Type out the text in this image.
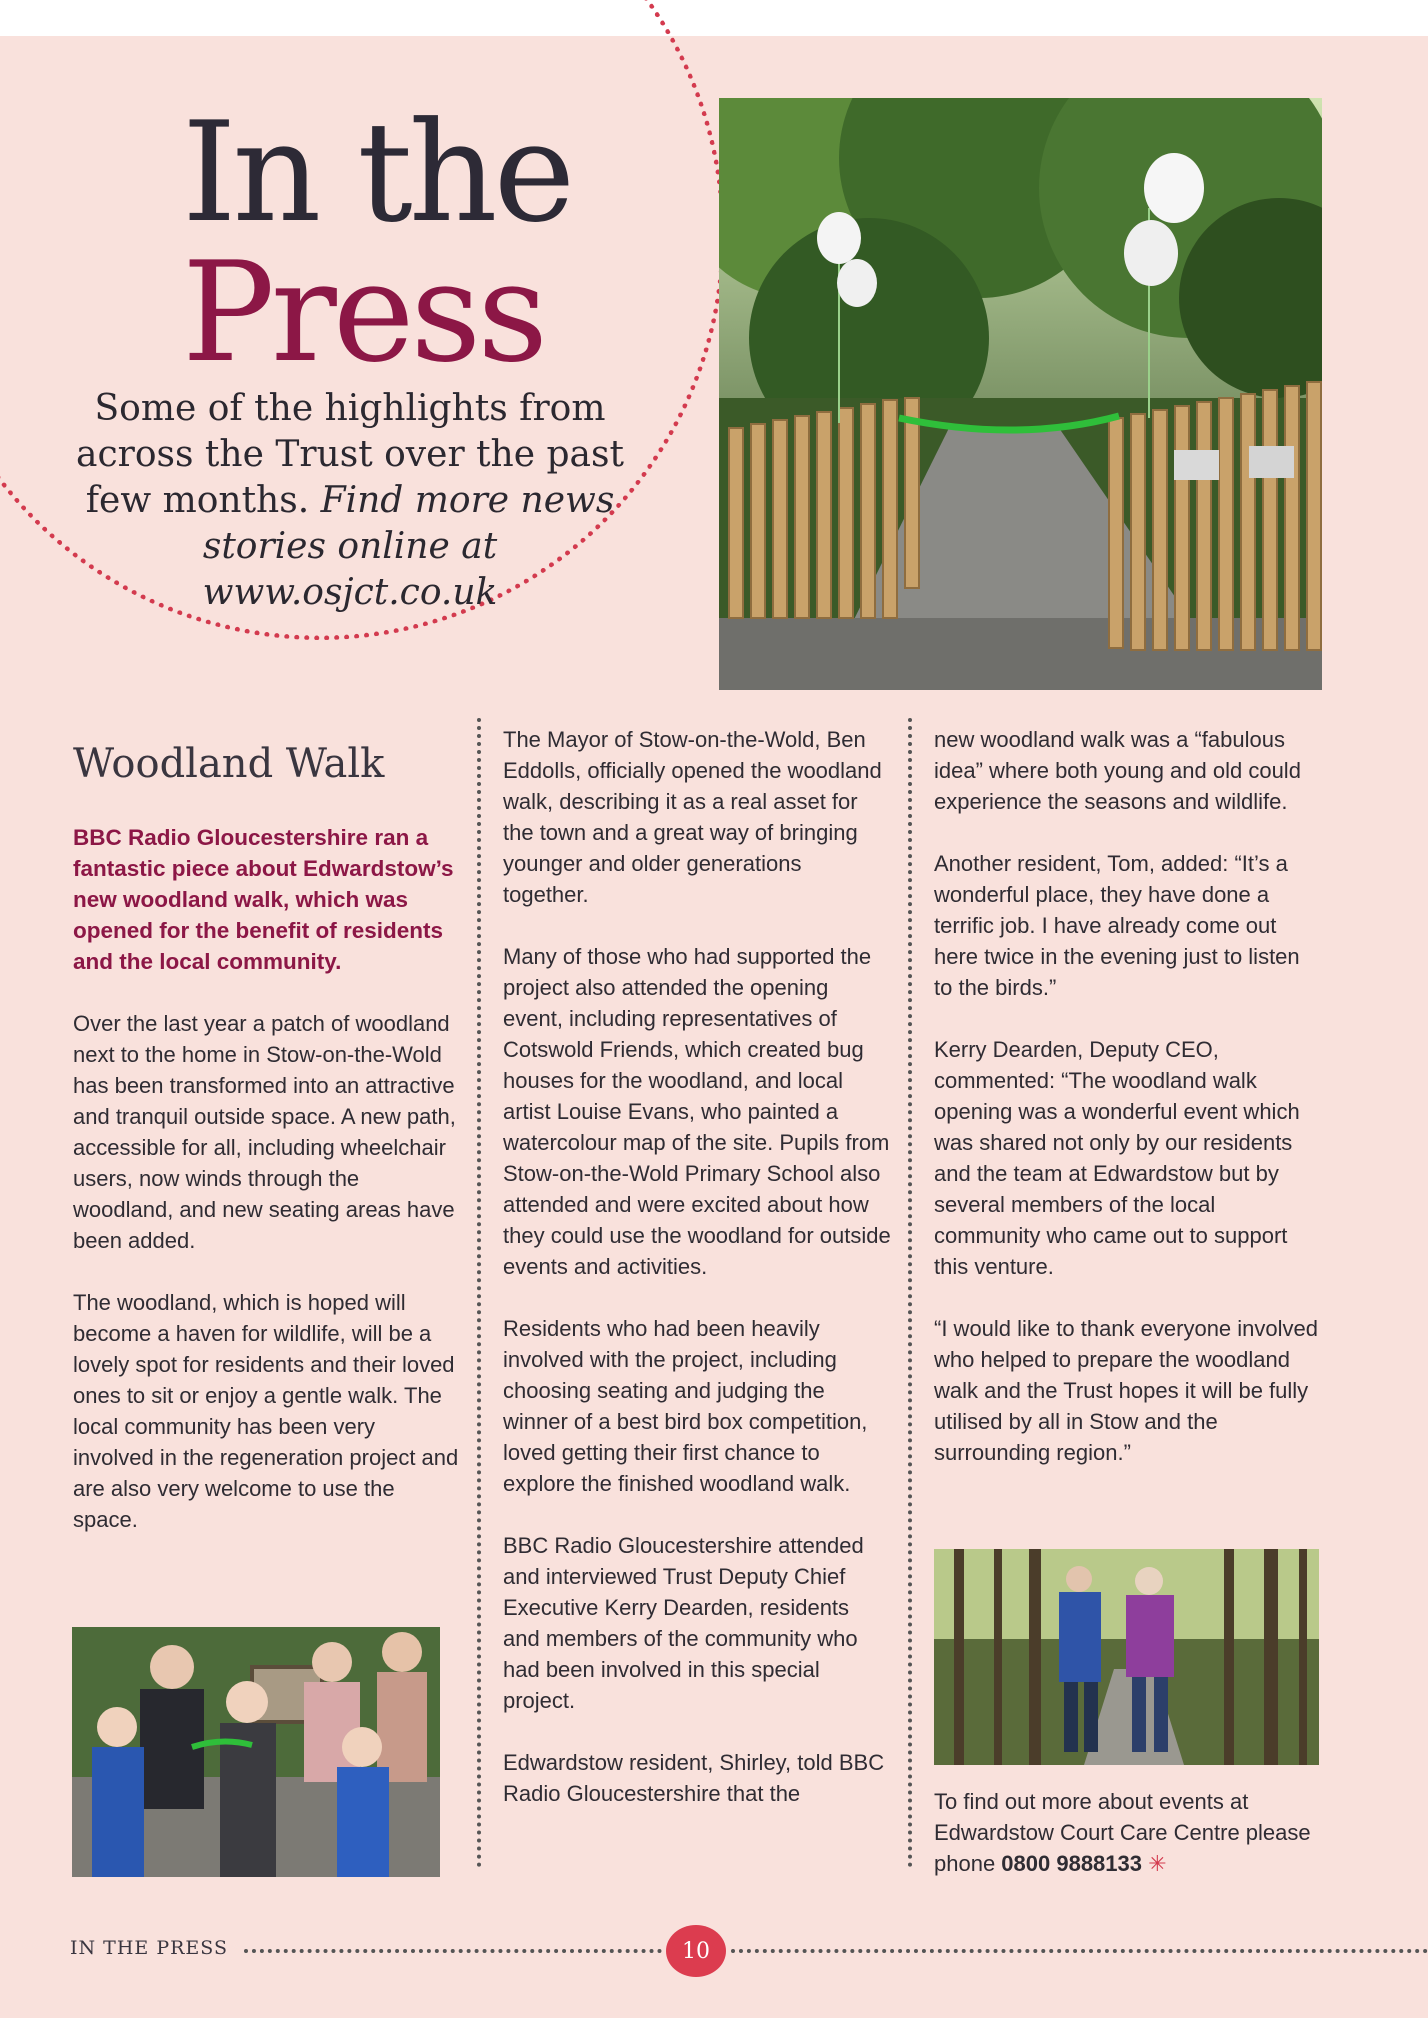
In the
Press
Some of the highlights from across the Trust over the past few months. Find more news stories online at www.osjct.co.uk
Woodland Walk

BBC Radio Gloucestershire ran a fantastic piece about Edwardstow’s new woodland walk, which was opened for the benefit of residents and the local community.

Over the last year a patch of woodland next to the home in Stow-on-the-Wold has been transformed into an attractive and tranquil outside space. A new path, accessible for all, including wheelchair users, now winds through the woodland, and new seating areas have been added.

The woodland, which is hoped will become a haven for wildlife, will be a lovely spot for residents and their loved ones to sit or enjoy a gentle walk. The local community has been very involved in the regeneration project and are also very welcome to use the space.

The Mayor of Stow-on-the-Wold, Ben Eddolls, officially opened the woodland walk, describing it as a real asset for the town and a great way of bringing younger and older generations together.

Many of those who had supported the project also attended the opening event, including representatives of Cotswold Friends, which created bug houses for the woodland, and local artist Louise Evans, who painted a watercolour map of the site. Pupils from Stow-on-the-Wold Primary School also attended and were excited about how they could use the woodland for outside events and activities.

Residents who had been heavily involved with the project, including choosing seating and judging the winner of a best bird box competition, loved getting their first chance to explore the finished woodland walk.

BBC Radio Gloucestershire attended and interviewed Trust Deputy Chief Executive Kerry Dearden, residents and members of the community who had been involved in this special project.

Edwardstow resident, Shirley, told BBC Radio Gloucestershire that the

new woodland walk was a “fabulous idea” where both young and old could experience the seasons and wildlife.

Another resident, Tom, added: “It’s a wonderful place, they have done a terrific job. I have already come out here twice in the evening just to listen to the birds.”

Kerry Dearden, Deputy CEO, commented: “The woodland walk opening was a wonderful event which was shared not only by our residents and the team at Edwardstow but by several members of the local community who came out to support this venture.

“I would like to thank everyone involved who helped to prepare the woodland walk and the Trust hopes it will be fully utilised by all in Stow and the surrounding region.”

To find out more about events at Edwardstow Court Care Centre please phone 0800 9888133 ✳

IN THE PRESS	10
